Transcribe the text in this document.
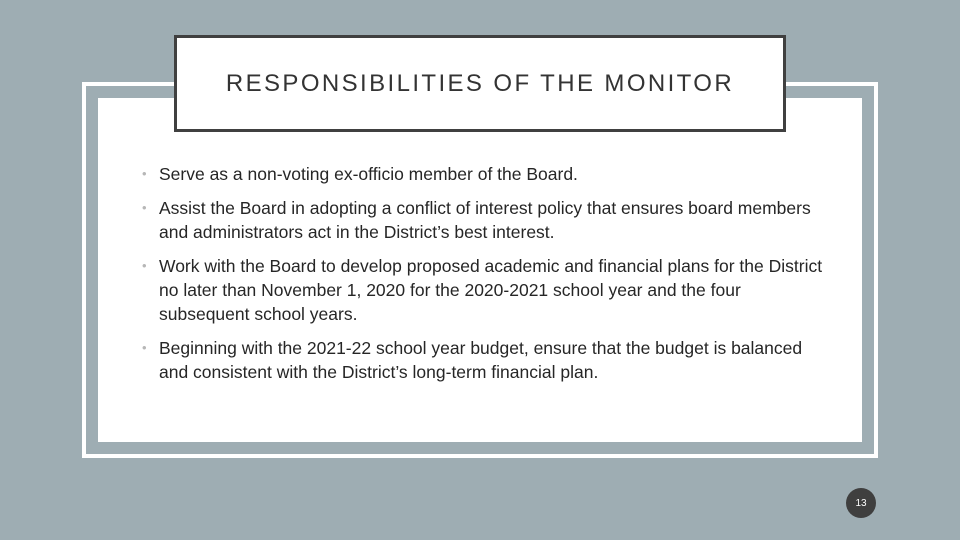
RESPONSIBILITIES OF THE MONITOR
• Serve as a non-voting ex-officio member of the Board.
• Assist the Board in adopting a conflict of interest policy that ensures board members and administrators act in the District’s best interest.
• Work with the Board to develop proposed academic and financial plans for the District no later than November 1, 2020 for the 2020-2021 school year and the four subsequent school years.
• Beginning with the 2021-22 school year budget, ensure that the budget is balanced and consistent with the District’s long-term financial plan.
13
